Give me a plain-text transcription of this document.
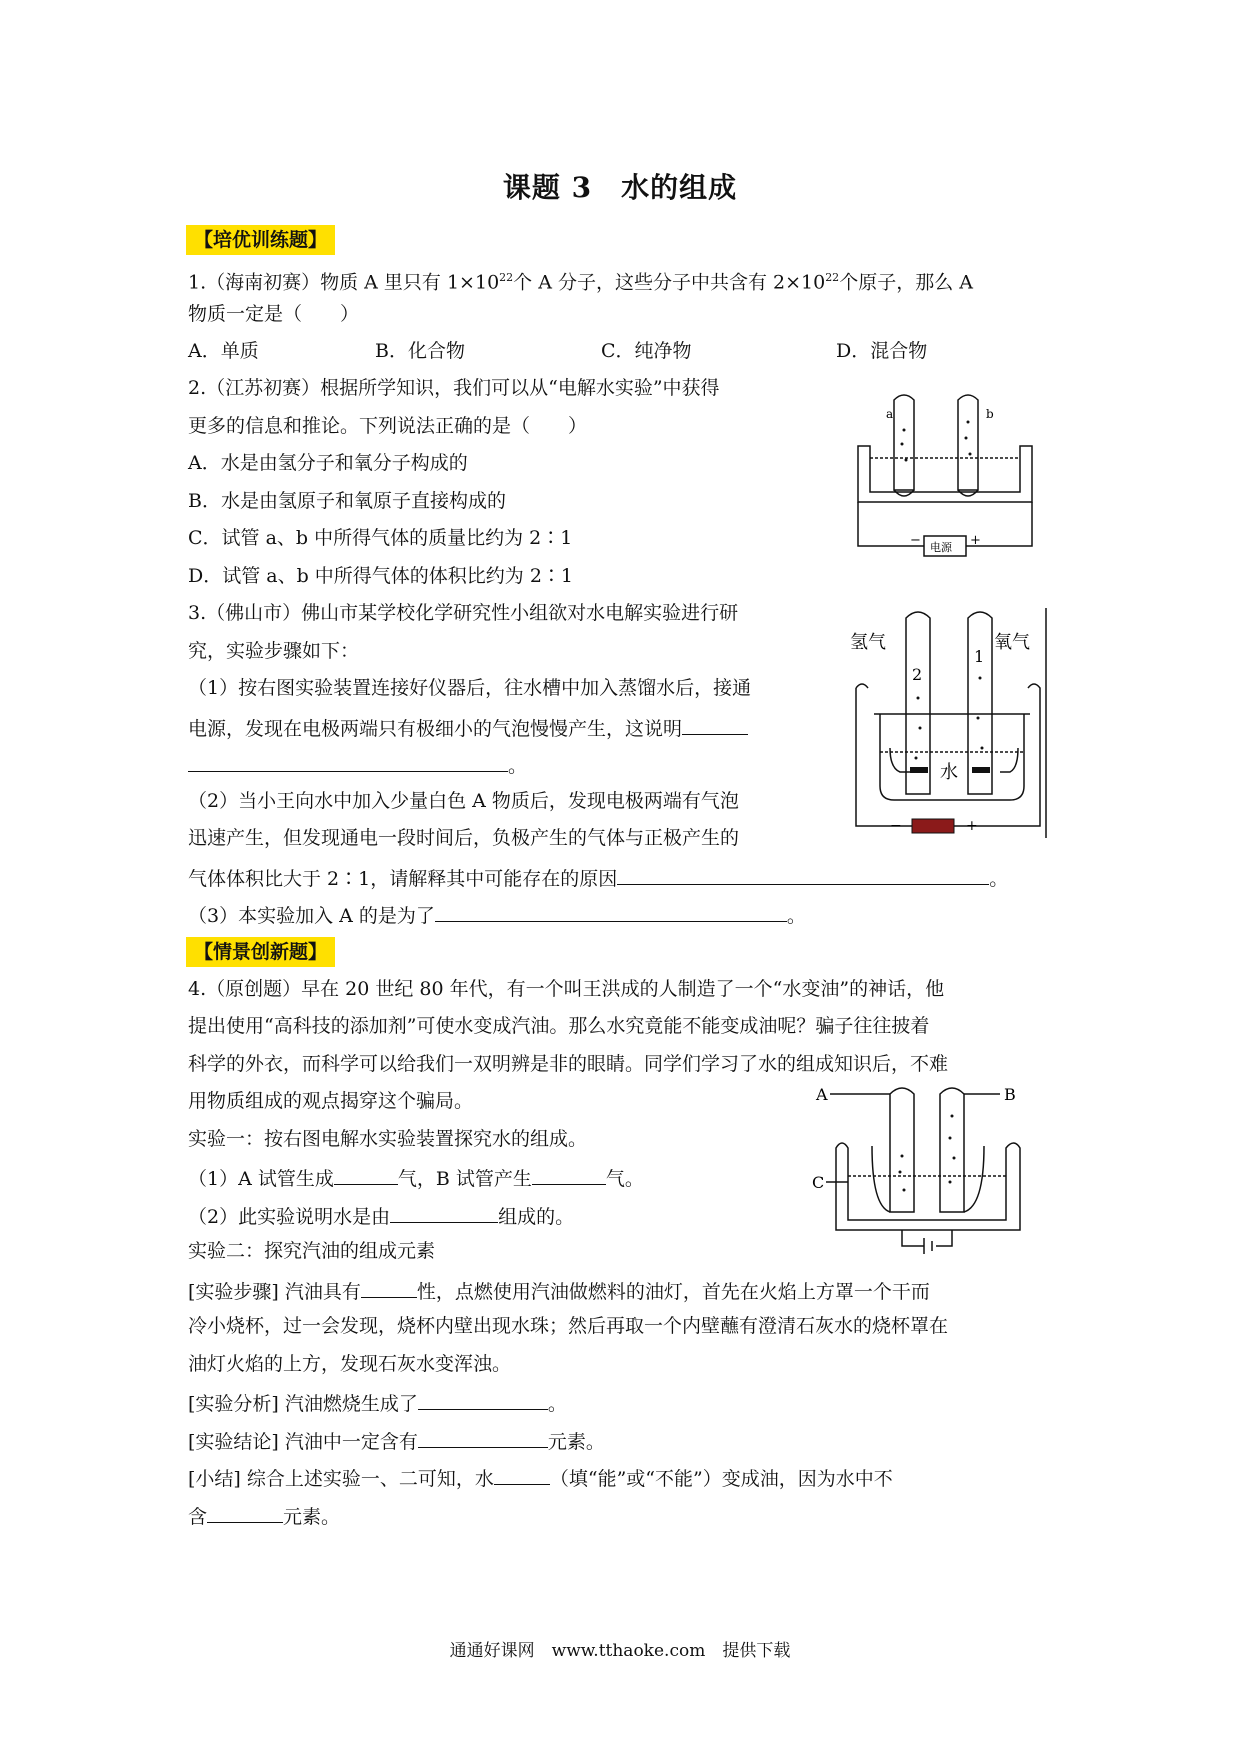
课题 3　水的组成
【培优训练题】
1.（海南初赛）物质 A 里只有 $1\times 10^{22}$个 A 分子，这些分子中共含有 $2\times 10^{22}$个原子，那么 A
物质一定是（　　）
A．单质	B．化合物	C．纯净物	D．混合物
2.（江苏初赛）根据所学知识，我们可以从“电解水实验”中获得
更多的信息和推论。下列说法正确的是（　　）
A．水是由氢分子和氧分子构成的
B．水是由氢原子和氧原子直接构成的
C．试管 a、b 中所得气体的质量比约为 2∶1
D．试管 a、b 中所得气体的体积比约为 2∶1
a	b
电源
−	+
3.（佛山市）佛山市某学校化学研究性小组欲对水电解实验进行研
究，实验步骤如下：
（1）按右图实验装置连接好仪器后，往水槽中加入蒸馏水后，接通
电源，发现在电极两端只有极细小的气泡慢慢产生，这说明
。
（2）当小王向水中加入少量白色 A 物质后，发现电极两端有气泡
迅速产生，但发现通电一段时间后，负极产生的气体与正极产生的
气体体积比大于 2∶1，请解释其中可能存在的原因	。
（3）本实验加入 A 的是为了	。
氢气	氧气
2
1
水
−	+
【情景创新题】
4.（原创题）早在 20 世纪 80 年代，有一个叫王洪成的人制造了一个“水变油”的神话，他
提出使用“高科技的添加剂”可使水变成汽油。那么水究竟能不能变成油呢？骗子往往披着
科学的外衣，而科学可以给我们一双明辨是非的眼睛。同学们学习了水的组成知识后，不难
用物质组成的观点揭穿这个骗局。
实验一：按右图电解水实验装置探究水的组成。
（1）A 试管生成	气，B 试管产生	气。
（2）此实验说明水是由	组成的。
实验二：探究汽油的组成元素
[实验步骤] 汽油具有	性，点燃使用汽油做燃料的油灯，首先在火焰上方罩一个干而
冷小烧杯，过一会发现，烧杯内壁出现水珠；然后再取一个内壁蘸有澄清石灰水的烧杯罩在
油灯火焰的上方，发现石灰水变浑浊。
[实验分析] 汽油燃烧生成了	。
[实验结论] 汽油中一定含有	元素。
[小结] 综合上述实验一、二可知，水	（填“能”或“不能”）变成油，因为水中不
含	元素。
A	B
C
通通好课网　www.tthaoke.com　提供下载
